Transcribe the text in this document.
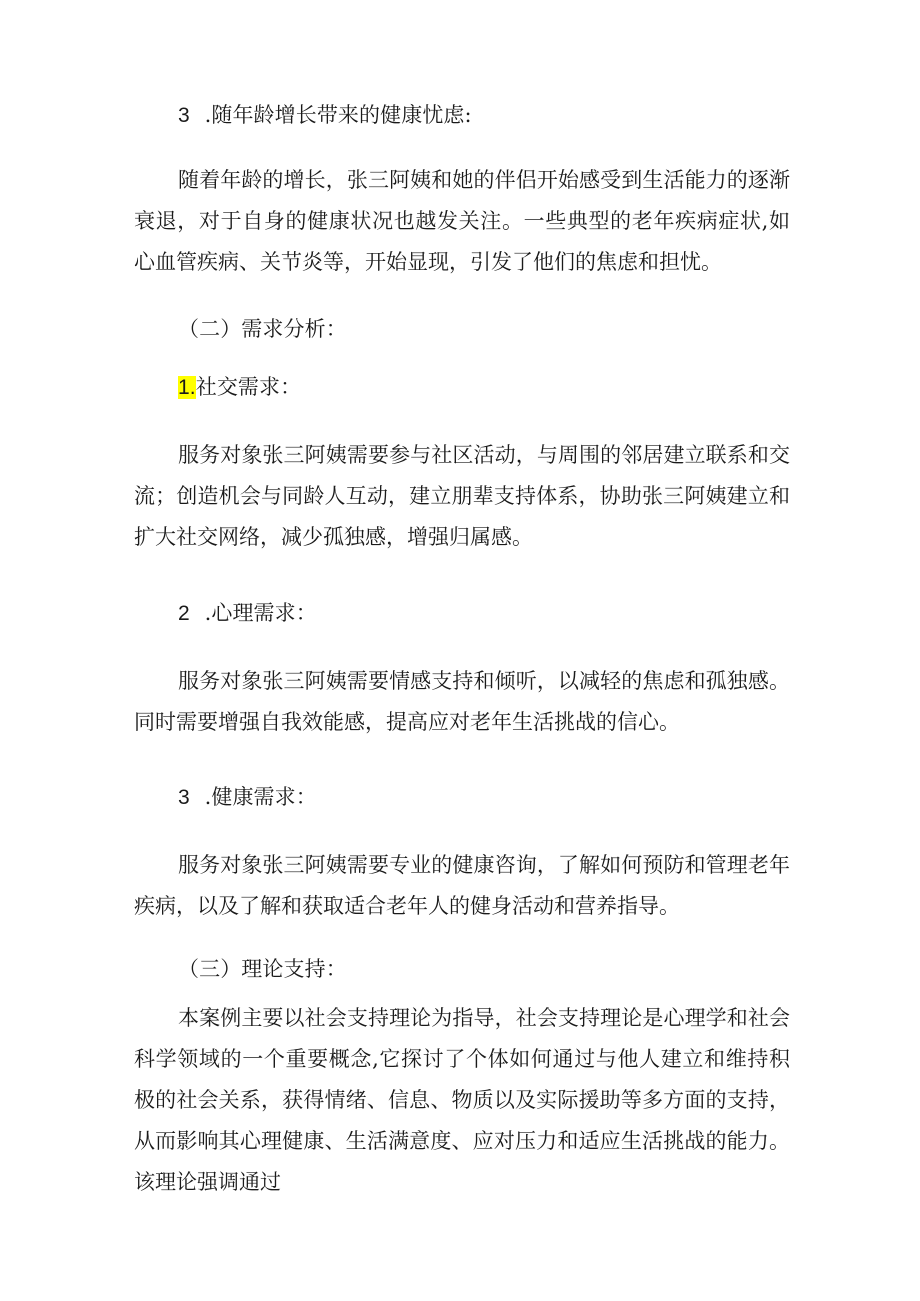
3 .随年龄增长带来的健康忧虑:
随着年龄的增长，张三阿姨和她的伴侣开始感受到生活能力的逐渐衰退，对于自身的健康状况也越发关注。一些典型的老年疾病症状,如心血管疾病、关节炎等，开始显现，引发了他们的焦虑和担忧。
（二）需求分析：
1.社交需求：
服务对象张三阿姨需要参与社区活动，与周围的邻居建立联系和交流；创造机会与同龄人互动，建立朋辈支持体系，协助张三阿姨建立和扩大社交网络，减少孤独感，增强归属感。
2 .心理需求：
服务对象张三阿姨需要情感支持和倾听，以减轻的焦虑和孤独感。同时需要增强自我效能感，提高应对老年生活挑战的信心。
3 .健康需求：
服务对象张三阿姨需要专业的健康咨询，了解如何预防和管理老年疾病，以及了解和获取适合老年人的健身活动和营养指导。
（三）理论支持：
本案例主要以社会支持理论为指导，社会支持理论是心理学和社会科学领域的一个重要概念,它探讨了个体如何通过与他人建立和维持积极的社会关系，获得情绪、信息、物质以及实际援助等多方面的支持，从而影响其心理健康、生活满意度、应对压力和适应生活挑战的能力。该理论强调通过
